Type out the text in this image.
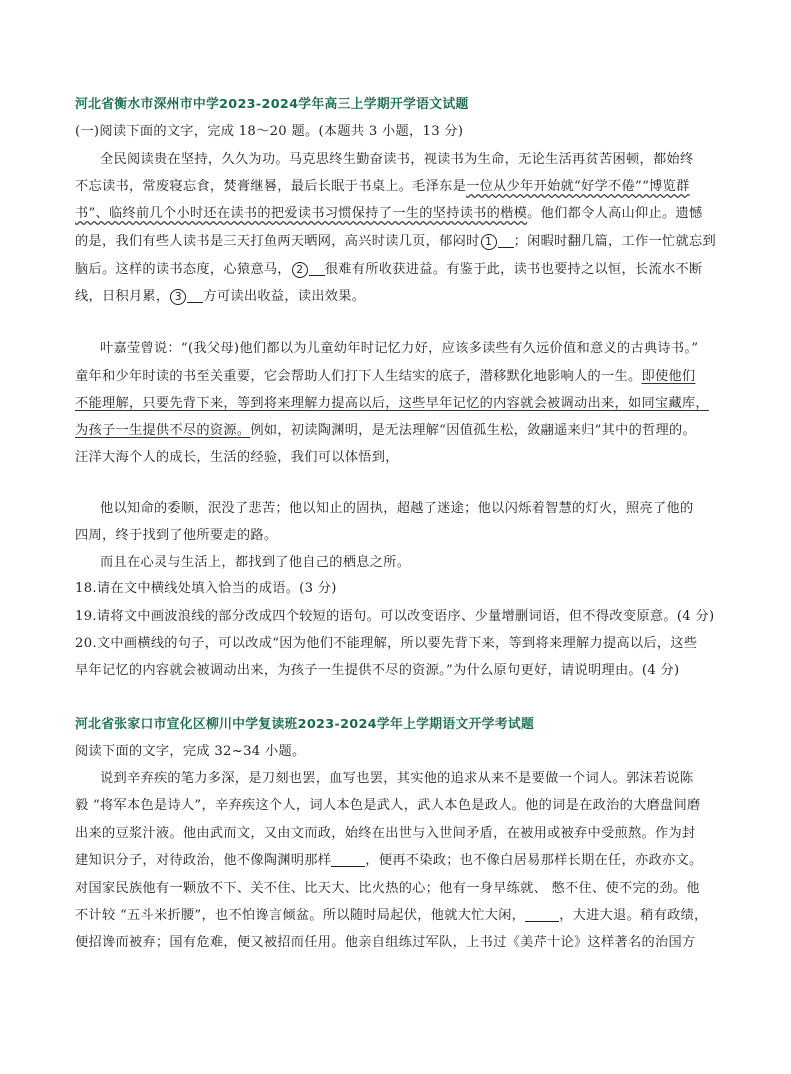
河北省衡水市深州市中学2023-2024学年高三上学期开学语文试题
(一)阅读下面的文字，完成 18～20 题。(本题共 3 小题，13 分)
全民阅读贵在坚持，久久为功。马克思终生勤奋读书，视读书为生命，无论生活再贫苦困顿，都始终
不忘读书，常废寝忘食，焚膏继晷，最后长眠于书桌上。毛泽东是一位从少年开始就“好学不倦”“博览群
书”、临终前几个小时还在读书的把爱读书习惯保持了一生的坚持读书的楷模。他们都令人高山仰止。遗憾
的是，我们有些人读书是三天打鱼两天晒网，高兴时读几页，郁闷时 1 ；闲暇时翻几篇，工作一忙就忘到
脑后。这样的读书态度，心猿意马， 2 很难有所收获进益。有鉴于此，读书也要持之以恒，长流水不断
线，日积月累， 3 方可读出收益，读出效果。
叶嘉莹曾说：“(我父母)他们都以为儿童幼年时记忆力好，应该多读些有久远价值和意义的古典诗书。”
童年和少年时读的书至关重要，它会帮助人们打下人生结实的底子，潜移默化地影响人的一生。即使他们
不能理解，只要先背下来，等到将来理解力提高以后，这些早年记忆的内容就会被调动出来，如同宝藏库，
为孩子一生提供不尽的资源。例如，初读陶渊明，是无法理解“因值孤生松，敛翮遥来归”其中的哲理的。
汪洋大海个人的成长，生活的经验，我们可以体悟到，
他以知命的委顺，泯没了悲苦；他以知止的固执，超越了迷途；他以闪烁着智慧的灯火，照亮了他的
四周，终于找到了他所要走的路。
而且在心灵与生活上，都找到了他自己的栖息之所。
18.请在文中横线处填入恰当的成语。(3 分)
19.请将文中画波浪线的部分改成四个较短的语句。可以改变语序、少量增删词语，但不得改变原意。(4 分)
20.文中画横线的句子，可以改成“因为他们不能理解，所以要先背下来，等到将来理解力提高以后，这些
早年记忆的内容就会被调动出来，为孩子一生提供不尽的资源。”为什么原句更好，请说明理由。(4 分)
河北省张家口市宣化区柳川中学复读班2023-2024学年上学期语文开学考试题
阅读下面的文字，完成 32~34 小题。
说到辛弃疾的笔力多深，是刀刻也罢，血写也罢，其实他的追求从来不是要做一个词人。郭沫若说陈
毅 “将军本色是诗人”，辛弃疾这个人，词人本色是武人，武人本色是政人。他的词是在政治的大磨盘间磨
出来的豆浆汁液。他由武而文，又由文而政，始终在出世与入世间矛盾，在被用或被弃中受煎熬。作为封
建知识分子，对待政治，他不像陶渊明那样	，便再不染政；也不像白居易那样长期在任，亦政亦文。
对国家民族他有一颗放不下、关不住、比天大、比火热的心；他有一身早练就、 憋不住、使不完的劲。他
不计较 “五斗米折腰”，也不怕谗言倾盆。所以随时局起伏，他就大忙大闲，	，大进大退。稍有政绩，
便招谗而被弃；国有危难，便又被招而任用。他亲自组练过军队，上书过《美芹十论》这样著名的治国方
